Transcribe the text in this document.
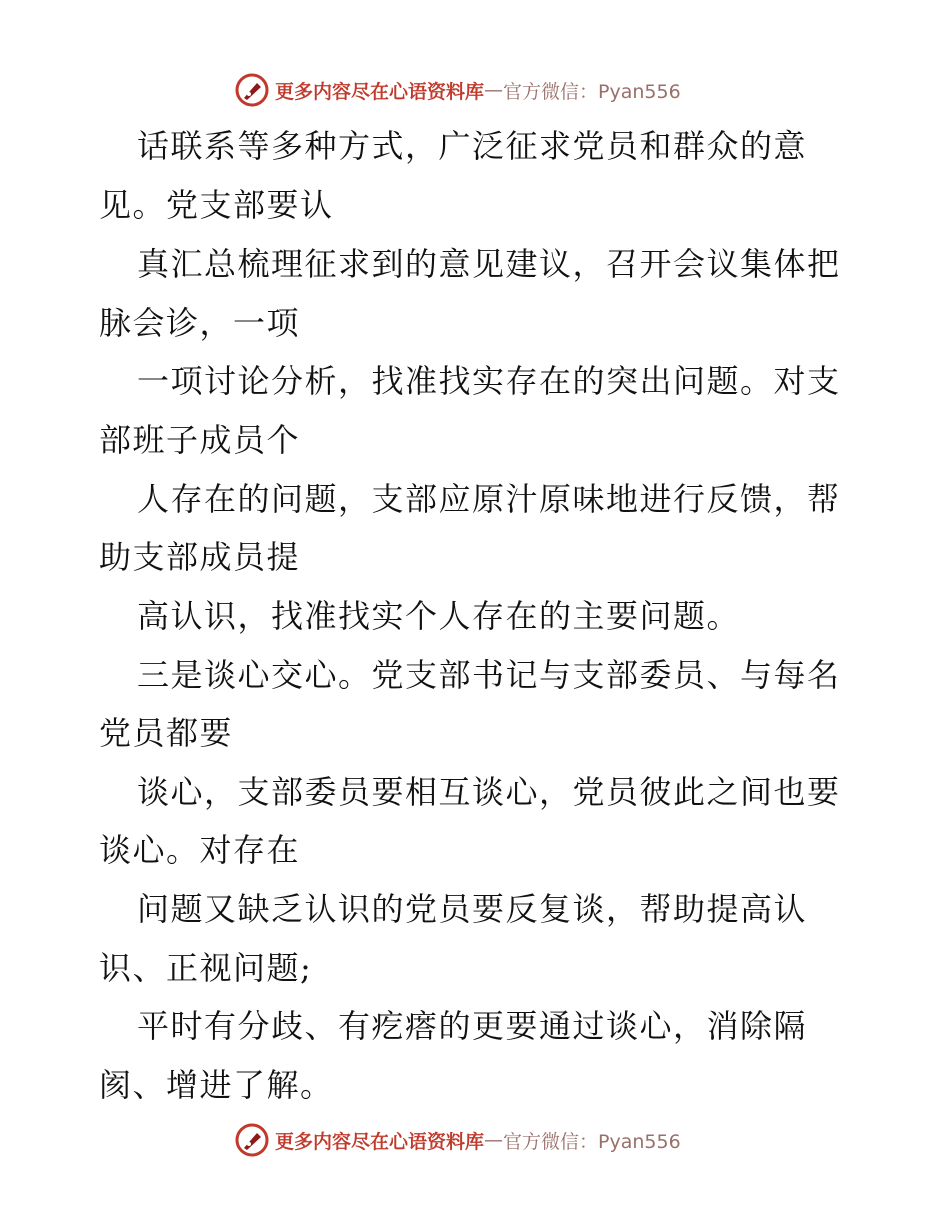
更多内容尽在心语资料库 — 官方微信：Pyan556
话联系等多种方式，广泛征求党员和群众的意
见。党支部要认
真汇总梳理征求到的意见建议，召开会议集体把
脉会诊，一项
一项讨论分析，找准找实存在的突出问题。对支
部班子成员个
人存在的问题，支部应原汁原味地进行反馈，帮
助支部成员提
高认识，找准找实个人存在的主要问题。
三是谈心交心。党支部书记与支部委员、与每名
党员都要
谈心，支部委员要相互谈心，党员彼此之间也要
谈心。对存在
问题又缺乏认识的党员要反复谈，帮助提高认
识、正视问题;
平时有分歧、有疙瘩的更要通过谈心，消除隔
阂、增进了解。
更多内容尽在心语资料库 — 官方微信：Pyan556
